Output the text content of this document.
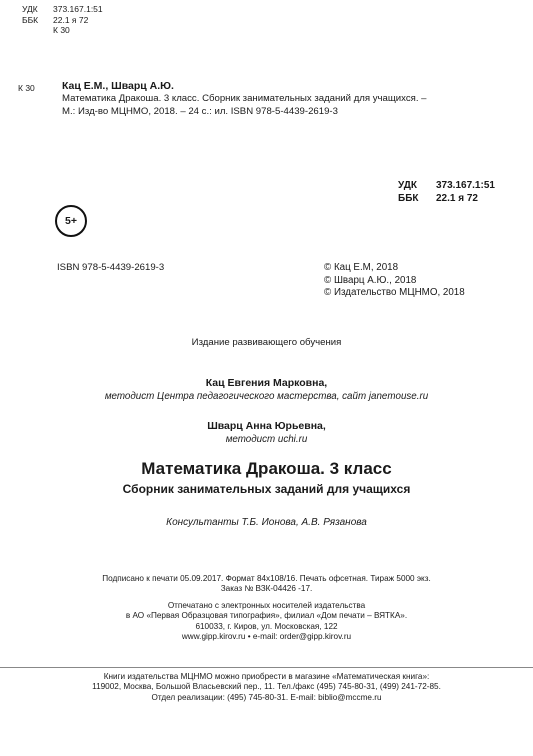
УДК	373.167.1:51
ББК	22.1 я 72
К 30
К 30	Кац Е.М., Шварц А.Ю.
Математика Дракоша. 3 класс. Сборник занимательных заданий для учащихся. –
М.: Изд-во МЦНМО, 2018. – 24 с.: ил. ISBN 978-5-4439-2619-3
УДК	373.167.1:51
ББК	22.1 я 72
5+
ISBN 978-5-4439-2619-3	© Кац Е.М, 2018
© Шварц А.Ю., 2018
© Издательство МЦНМО, 2018
Издание развивающего обучения
Кац Евгения Марковна,
методист Центра педагогического мастерства, сайт janemouse.ru
Шварц Анна Юрьевна,
методист uchi.ru
Математика Дракоша. 3 класс
Сборник занимательных заданий для учащихся
Консультанты Т.Б. Ионова, А.В. Рязанова
Подписано к печати 05.09.2017. Формат 84x108/16. Печать офсетная. Тираж 5000 экз.
Заказ № ВЗК-04426 -17.
Отпечатано с электронных носителей издательства
в АО «Первая Образцовая типография», филиал «Дом печати – ВЯТКА».
610033, г. Киров, ул. Московская, 122
www.gipp.kirov.ru • e-mail: order@gipp.kirov.ru
Книги издательства МЦНМО можно приобрести в магазине «Математическая книга»:
119002, Москва, Большой Власьевский пер., 11. Тел./факс (495) 745-80-31, (499) 241-72-85.
Отдел реализации: (495) 745-80-31. E-mail: biblio@mccme.ru
